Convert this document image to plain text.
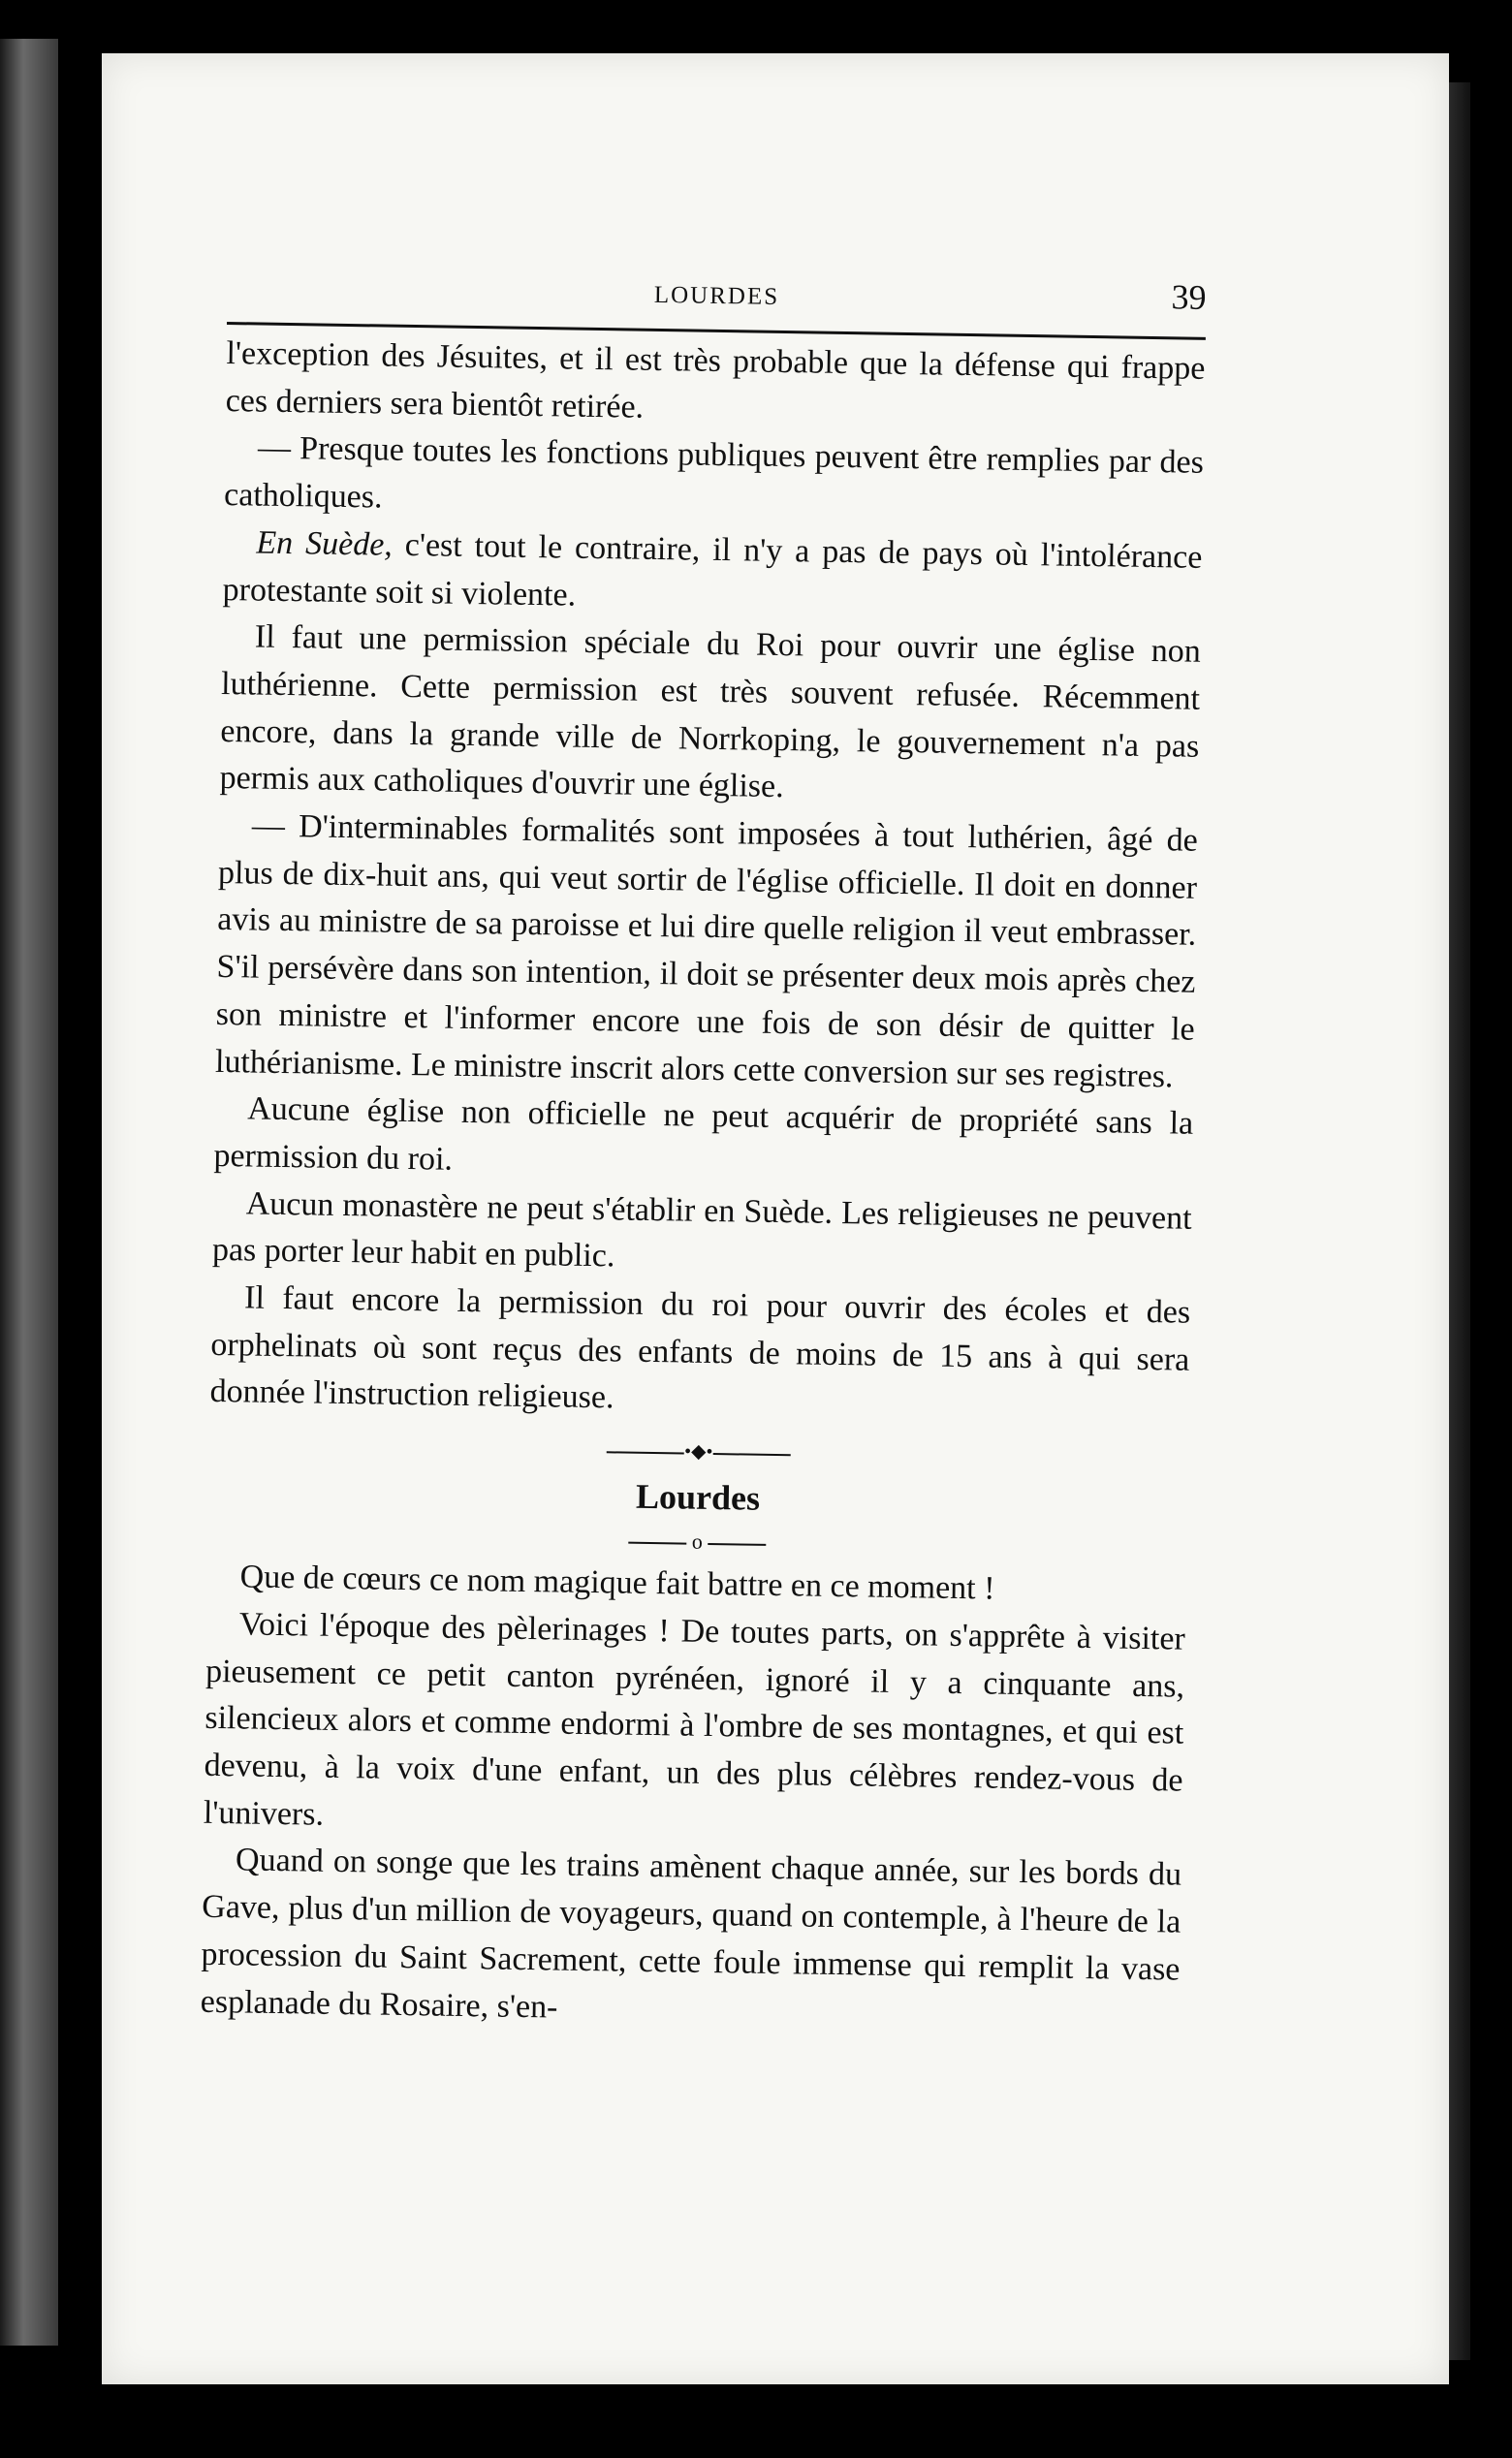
LOURDES	39

l'exception des Jésuites, et il est très probable que la défense qui frappe ces derniers sera bientôt retirée.

— Presque toutes les fonctions publiques peuvent être remplies par des catholiques.

En Suède, c'est tout le contraire, il n'y a pas de pays où l'intolérance protestante soit si violente.

Il faut une permission spéciale du Roi pour ouvrir une église non luthérienne. Cette permission est très souvent refusée. Récemment encore, dans la grande ville de Norrkoping, le gouvernement n'a pas permis aux catholiques d'ouvrir une église.

— D'interminables formalités sont imposées à tout luthérien, âgé de plus de dix-huit ans, qui veut sortir de l'église officielle. Il doit en donner avis au ministre de sa paroisse et lui dire quelle religion il veut embrasser. S'il persévère dans son intention, il doit se présenter deux mois après chez son ministre et l'informer encore une fois de son désir de quitter le luthérianisme. Le ministre inscrit alors cette conversion sur ses registres.

Aucune église non officielle ne peut acquérir de propriété sans la permission du roi.

Aucun monastère ne peut s'établir en Suède. Les religieuses ne peuvent pas porter leur habit en public.

Il faut encore la permission du roi pour ouvrir des écoles et des orphelinats où sont reçus des enfants de moins de 15 ans à qui sera donnée l'instruction religieuse.

•◆•
Lourdes
o

Que de cœurs ce nom magique fait battre en ce moment !

Voici l'époque des pèlerinages ! De toutes parts, on s'apprête à visiter pieusement ce petit canton pyrénéen, ignoré il y a cinquante ans, silencieux alors et comme endormi à l'ombre de ses montagnes, et qui est devenu, à la voix d'une enfant, un des plus célèbres rendez-vous de l'univers.

Quand on songe que les trains amènent chaque année, sur les bords du Gave, plus d'un million de voyageurs, quand on contemple, à l'heure de la procession du Saint Sacrement, cette foule immense qui remplit la vase esplanade du Rosaire, s'en-
